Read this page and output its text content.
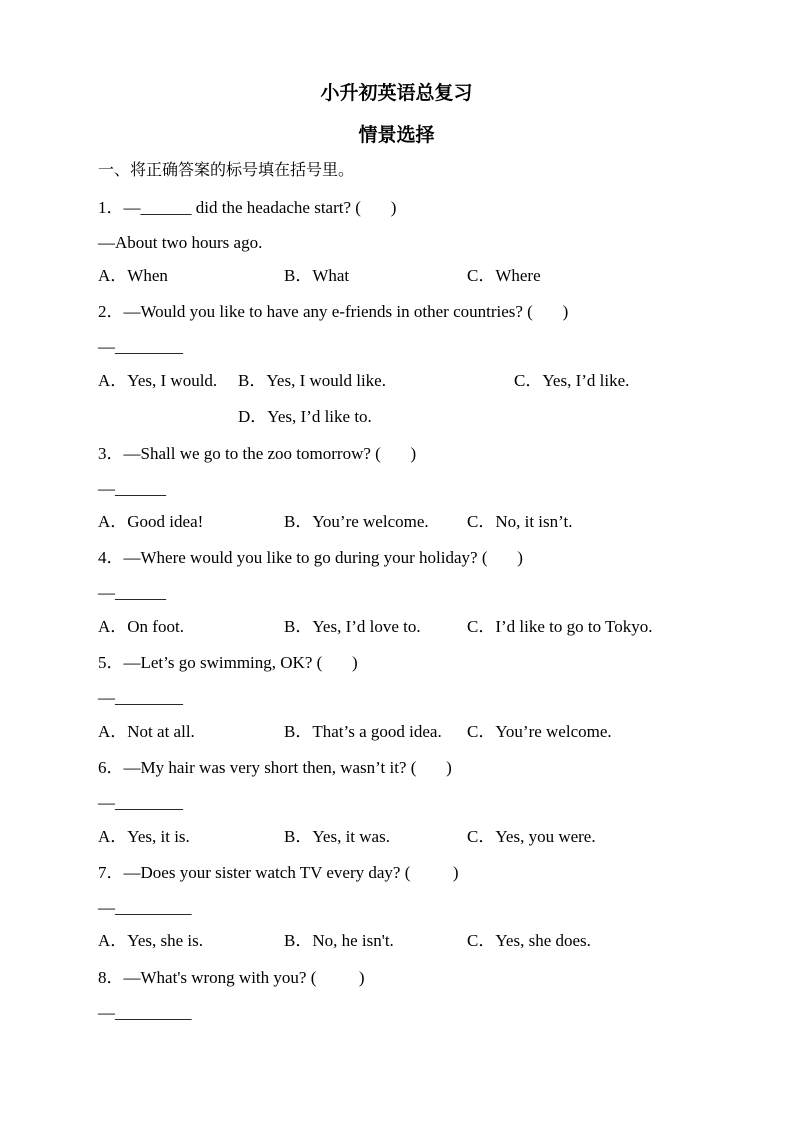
小升初英语总复习
情景选择
一、将正确答案的标号填在括号里。
1．—______ did the headache start? (       )
—About two hours ago.
A．When	B．What	C．Where
2．—Would you like to have any e-friends in other countries? (       )
—________
A．Yes, I would. B．Yes, I would like.	C．Yes, I’d like.
D．Yes, I’d like to.
3．—Shall we go to the zoo tomorrow? (       )
—______
A．Good idea!	B．You’re welcome. C．No, it isn’t.
4．—Where would you like to go during your holiday? (       )
—______
A．On foot.	B．Yes, I’d love to.	C．I’d like to go to Tokyo.
5．—Let’s go swimming, OK? (       )
—________
A．Not at all.	B．That’s a good idea. C．You’re welcome.
6．—My hair was very short then, wasn’t it? (       )
—________
A．Yes, it is.	B．Yes, it was.	C．Yes, you were.
7．—Does your sister watch TV every day? (          )
—_________
A．Yes, she is.	B．No, he isn't.	C．Yes, she does.
8．—What's wrong with you? (          )
—_________
